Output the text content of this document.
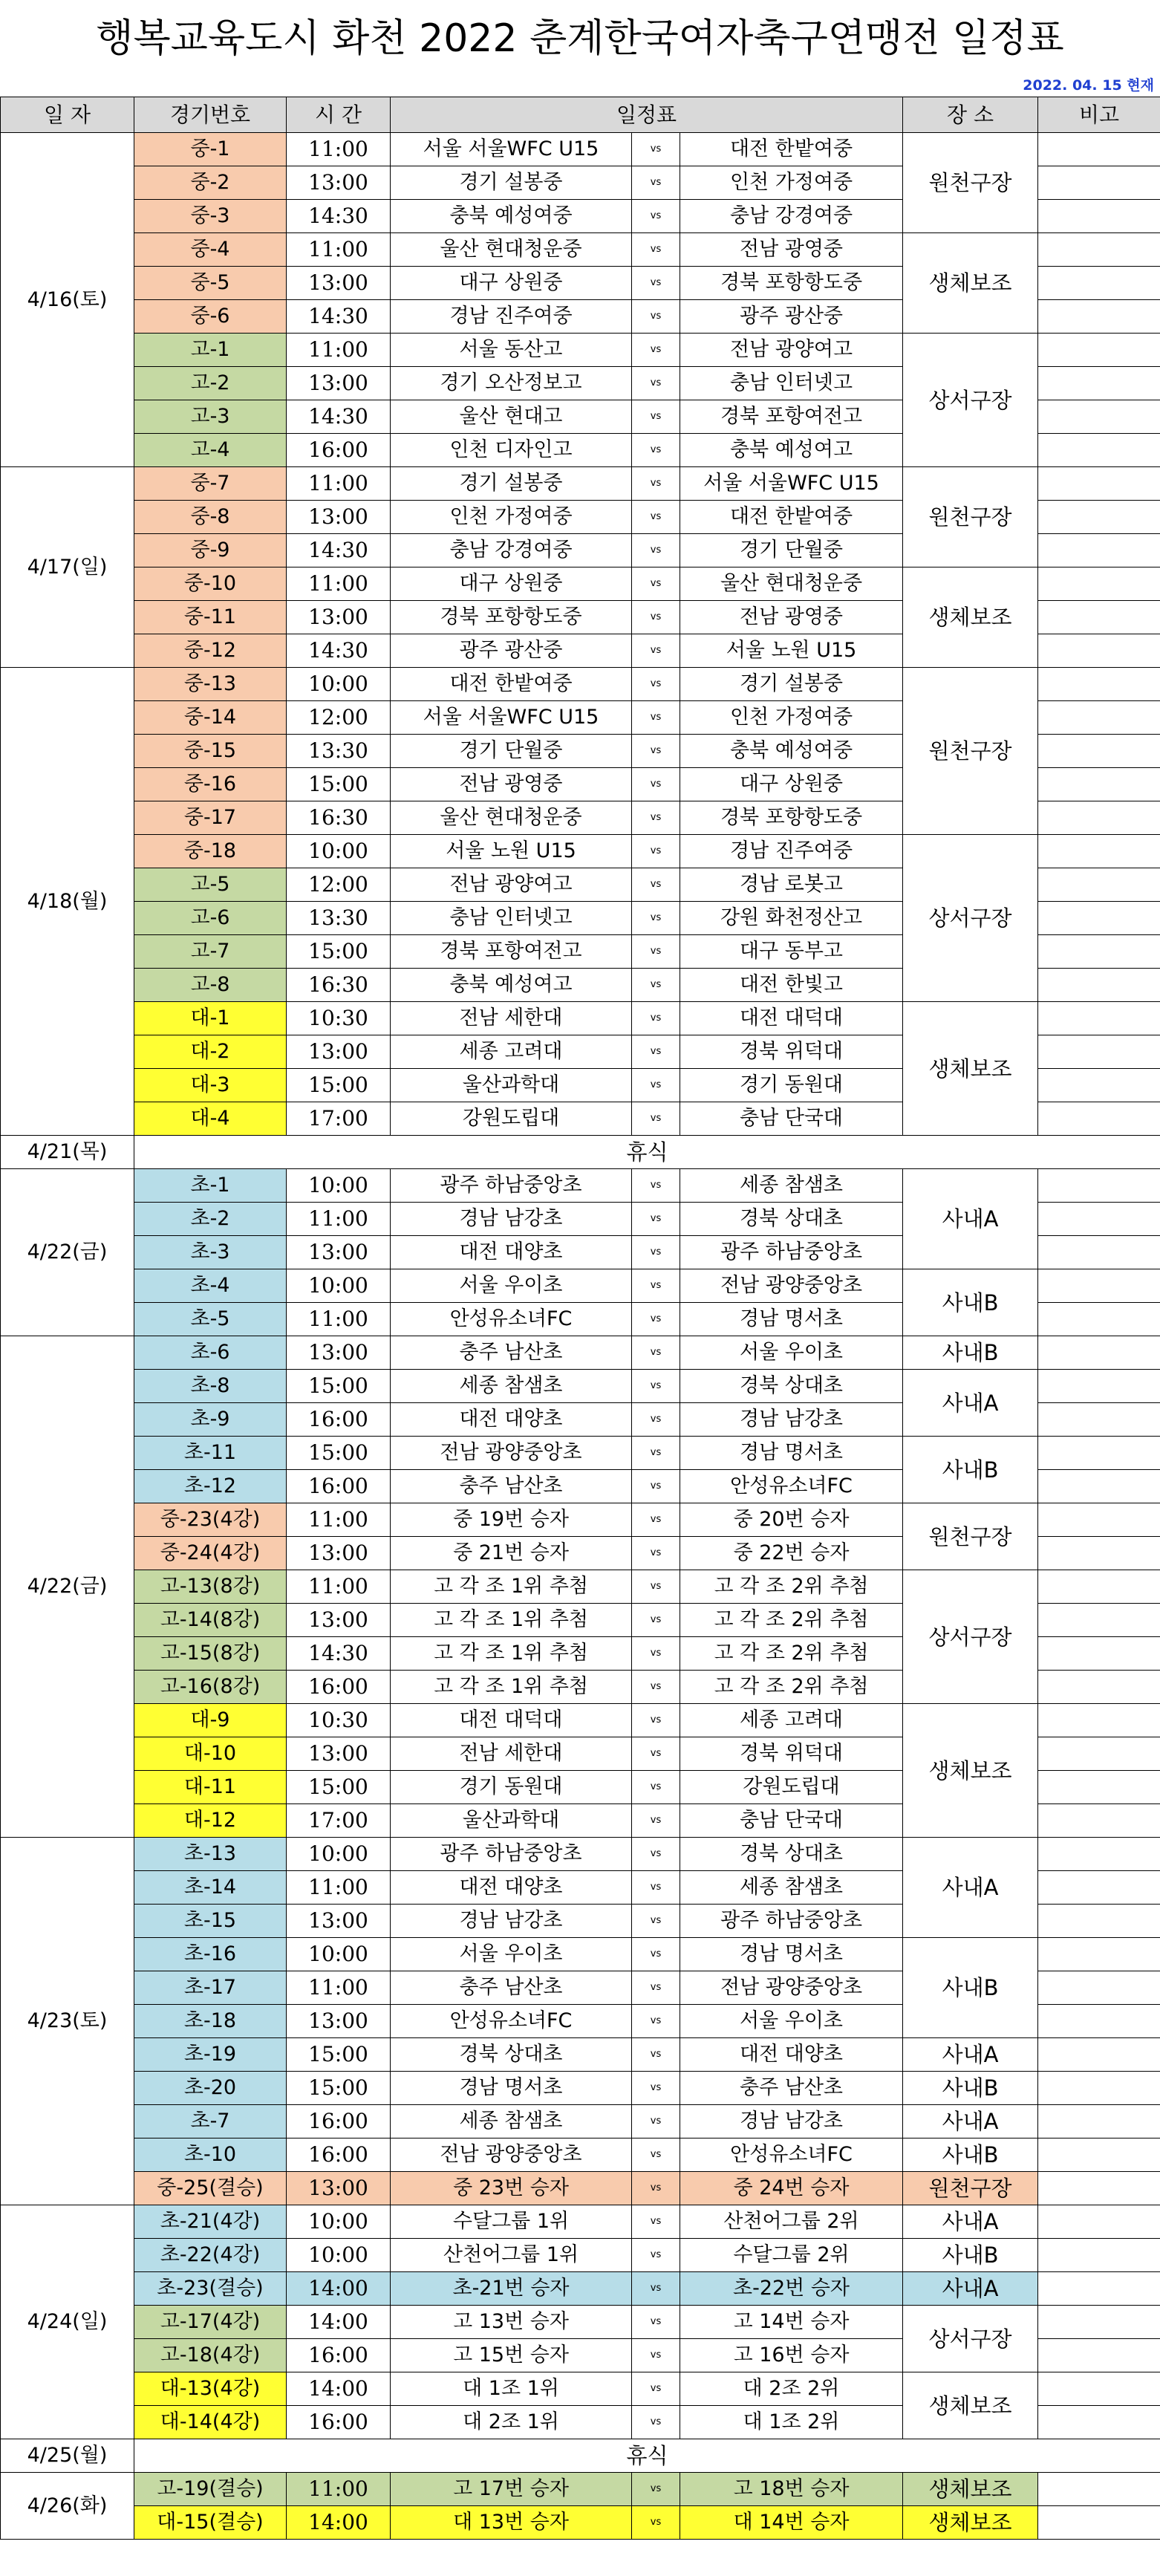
행복교육도시 화천 2022 춘계한국여자축구연맹전 일정표
2022. 04. 15 현재
일 자	경기번호	시 간	일정표			장 소	비고
4/16(토)	중-1	11:00	서울 서울WFC U15	vs	대전 한밭여중	원천구장	
	중-2	13:00	경기 설봉중	vs	인천 가정여중		
	중-3	14:30	충북 예성여중	vs	충남 강경여중		
	중-4	11:00	울산 현대청운중	vs	전남 광영중	생체보조	
	중-5	13:00	대구 상원중	vs	경북 포항항도중		
	중-6	14:30	경남 진주여중	vs	광주 광산중		
	고-1	11:00	서울 동산고	vs	전남 광양여고	상서구장	
	고-2	13:00	경기 오산정보고	vs	충남 인터넷고		
	고-3	14:30	울산 현대고	vs	경북 포항여전고		
	고-4	16:00	인천 디자인고	vs	충북 예성여고		
4/17(일)	중-7	11:00	경기 설봉중	vs	서울 서울WFC U15	원천구장	
	중-8	13:00	인천 가정여중	vs	대전 한밭여중		
	중-9	14:30	충남 강경여중	vs	경기 단월중		
	중-10	11:00	대구 상원중	vs	울산 현대청운중	생체보조	
	중-11	13:00	경북 포항항도중	vs	전남 광영중		
	중-12	14:30	광주 광산중	vs	서울 노원 U15		
4/18(월)	중-13	10:00	대전 한밭여중	vs	경기 설봉중	원천구장	
	중-14	12:00	서울 서울WFC U15	vs	인천 가정여중		
	중-15	13:30	경기 단월중	vs	충북 예성여중		
	중-16	15:00	전남 광영중	vs	대구 상원중		
	중-17	16:30	울산 현대청운중	vs	경북 포항항도중		
	중-18	10:00	서울 노원 U15	vs	경남 진주여중	상서구장	
	고-5	12:00	전남 광양여고	vs	경남 로봇고		
	고-6	13:30	충남 인터넷고	vs	강원 화천정산고		
	고-7	15:00	경북 포항여전고	vs	대구 동부고		
	고-8	16:30	충북 예성여고	vs	대전 한빛고		
	대-1	10:30	전남 세한대	vs	대전 대덕대	생체보조	
	대-2	13:00	세종 고려대	vs	경북 위덕대		
	대-3	15:00	울산과학대	vs	경기 동원대		
	대-4	17:00	강원도립대	vs	충남 단국대		
4/21(목)	휴식						
4/22(금)	초-1	10:00	광주 하남중앙초	vs	세종 참샘초	사내A	
	초-2	11:00	경남 남강초	vs	경북 상대초		
	초-3	13:00	대전 대양초	vs	광주 하남중앙초		
	초-4	10:00	서울 우이초	vs	전남 광양중앙초	사내B	
	초-5	11:00	안성유소녀FC	vs	경남 명서초		
4/22(금)	초-6	13:00	충주 남산초	vs	서울 우이초	사내B	
	초-8	15:00	세종 참샘초	vs	경북 상대초	사내A	
	초-9	16:00	대전 대양초	vs	경남 남강초		
	초-11	15:00	전남 광양중앙초	vs	경남 명서초	사내B	
	초-12	16:00	충주 남산초	vs	안성유소녀FC		
	중-23(4강)	11:00	중 19번 승자	vs	중 20번 승자	원천구장	
	중-24(4강)	13:00	중 21번 승자	vs	중 22번 승자		
	고-13(8강)	11:00	고 각 조 1위 추첨	vs	고 각 조 2위 추첨	상서구장	
	고-14(8강)	13:00	고 각 조 1위 추첨	vs	고 각 조 2위 추첨		
	고-15(8강)	14:30	고 각 조 1위 추첨	vs	고 각 조 2위 추첨		
	고-16(8강)	16:00	고 각 조 1위 추첨	vs	고 각 조 2위 추첨		
	대-9	10:30	대전 대덕대	vs	세종 고려대	생체보조	
	대-10	13:00	전남 세한대	vs	경북 위덕대		
	대-11	15:00	경기 동원대	vs	강원도립대		
	대-12	17:00	울산과학대	vs	충남 단국대		
4/23(토)	초-13	10:00	광주 하남중앙초	vs	경북 상대초	사내A	
	초-14	11:00	대전 대양초	vs	세종 참샘초		
	초-15	13:00	경남 남강초	vs	광주 하남중앙초		
	초-16	10:00	서울 우이초	vs	경남 명서초	사내B	
	초-17	11:00	충주 남산초	vs	전남 광양중앙초		
	초-18	13:00	안성유소녀FC	vs	서울 우이초		
	초-19	15:00	경북 상대초	vs	대전 대양초	사내A	
	초-20	15:00	경남 명서초	vs	충주 남산초	사내B	
	초-7	16:00	세종 참샘초	vs	경남 남강초	사내A	
	초-10	16:00	전남 광양중앙초	vs	안성유소녀FC	사내B	
	중-25(결승)	13:00	중 23번 승자	vs	중 24번 승자	원천구장	
4/24(일)	초-21(4강)	10:00	수달그룹 1위	vs	산천어그룹 2위	사내A	
	초-22(4강)	10:00	산천어그룹 1위	vs	수달그룹 2위	사내B	
	초-23(결승)	14:00	초-21번 승자	vs	초-22번 승자	사내A	
	고-17(4강)	14:00	고 13번 승자	vs	고 14번 승자	상서구장	
	고-18(4강)	16:00	고 15번 승자	vs	고 16번 승자		
	대-13(4강)	14:00	대 1조 1위	vs	대 2조 2위	생체보조	
	대-14(4강)	16:00	대 2조 1위	vs	대 1조 2위		
4/25(월)	휴식						
4/26(화)	고-19(결승)	11:00	고 17번 승자	vs	고 18번 승자	생체보조	
	대-15(결승)	14:00	대 13번 승자	vs	대 14번 승자	생체보조	
